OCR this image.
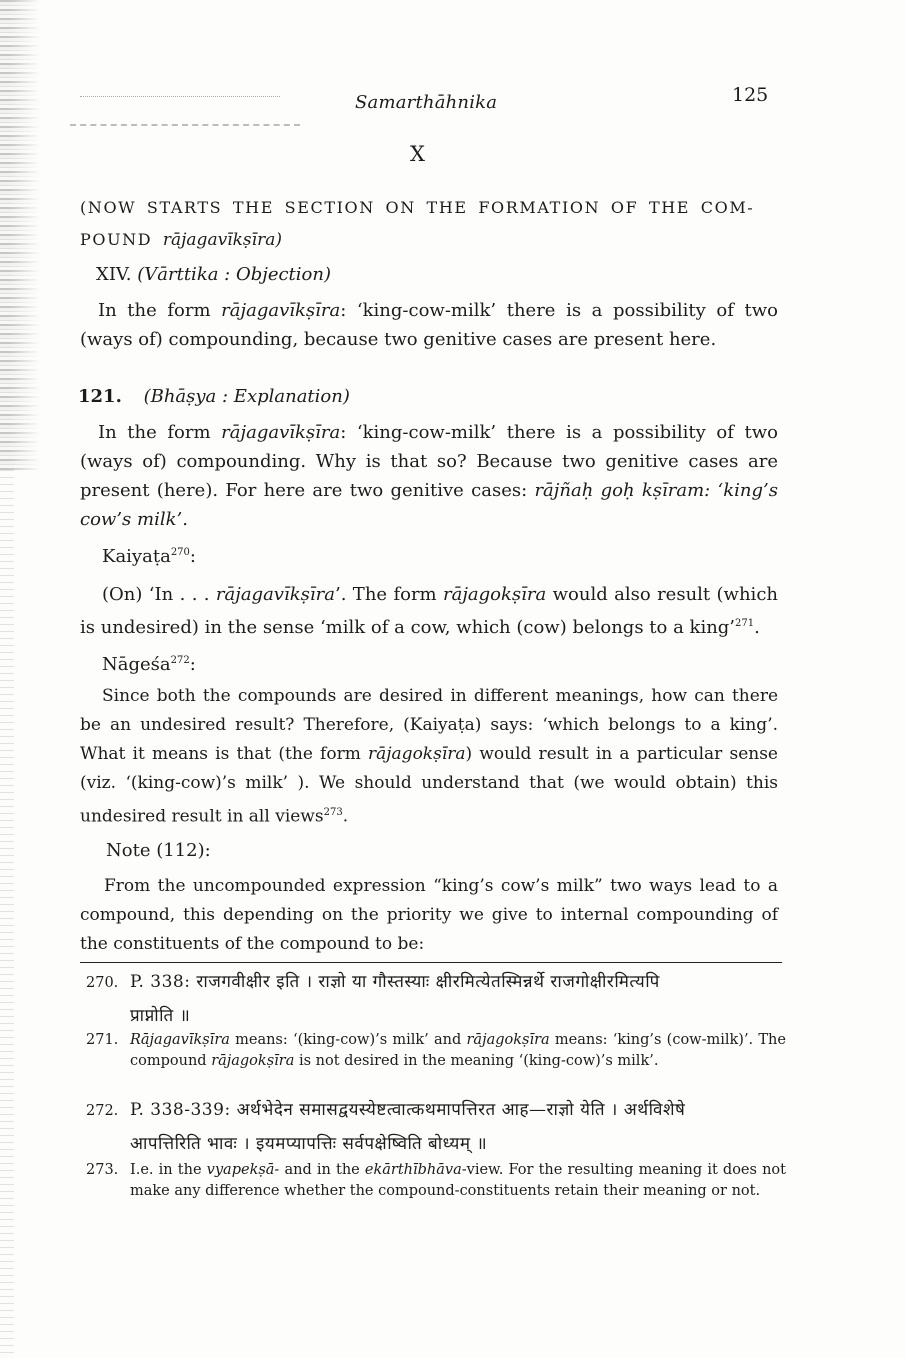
Samarthāhnika	125
X
(NOW STARTS THE SECTION ON THE FORMATION OF THE COM- POUND rājagavīkṣīra)
XIV. (Vārttika : Objection)
In the form rājagavīkṣīra: ‘king-cow-milk’ there is a possibility of two (ways of) compounding, because two genitive cases are present here.
121. (Bhāṣya : Explanation)
In the form rājagavīkṣīra: ‘king-cow-milk’ there is a possibility of two (ways of) compounding. Why is that so? Because two genitive cases are present (here). For here are two genitive cases: rājñaḥ goḥ kṣīram: ‘king’s cow’s milk’.
Kaiyaṭa$^{270}$:
(On) ‘In . . . rājagavīkṣīra’. The form rājagokṣīra would also result (which is undesired) in the sense ‘milk of a cow, which (cow) belongs to a king’$^{271}$.
Nāgeśa$^{272}$:
Since both the compounds are desired in different meanings, how can there be an undesired result? Therefore, (Kaiyaṭa) says: ‘which belongs to a king’. What it means is that (the form rājagokṣīra) would result in a particular sense (viz. ‘(king-cow)’s milk’ ). We should understand that (we would obtain) this undesired result in all views$^{273}$.
Note (112):
From the uncompounded expression “king’s cow’s milk” two ways lead to a compound, this depending on the priority we give to internal compounding of the constituents of the compound to be:
270. P. 338: राजगवीक्षीर इति । राज्ञो या गौस्तस्याः क्षीरमित्येतस्मिन्नर्थे राजगोक्षीरमित्यपि
प्राप्नोति ॥
271. Rājagavīkṣīra means: ‘(king-cow)’s milk’ and rājagokṣīra means: ‘king’s (cow-milk)’. The compound rājagokṣīra is not desired in the meaning ‘(king-cow)’s milk’.
272. P. 338-339: अर्थभेदेन समासद्वयस्येष्टत्वात्कथमापत्तिरत आह—राज्ञो येति । अर्थविशेषे
आपत्तिरिति भावः । इयमप्यापत्तिः सर्वपक्षेष्विति बोध्यम् ॥
273. I.e. in the vyapekṣā- and in the ekārthībhāva-view. For the resulting meaning it does not make any difference whether the compound-constituents retain their meaning or not.
